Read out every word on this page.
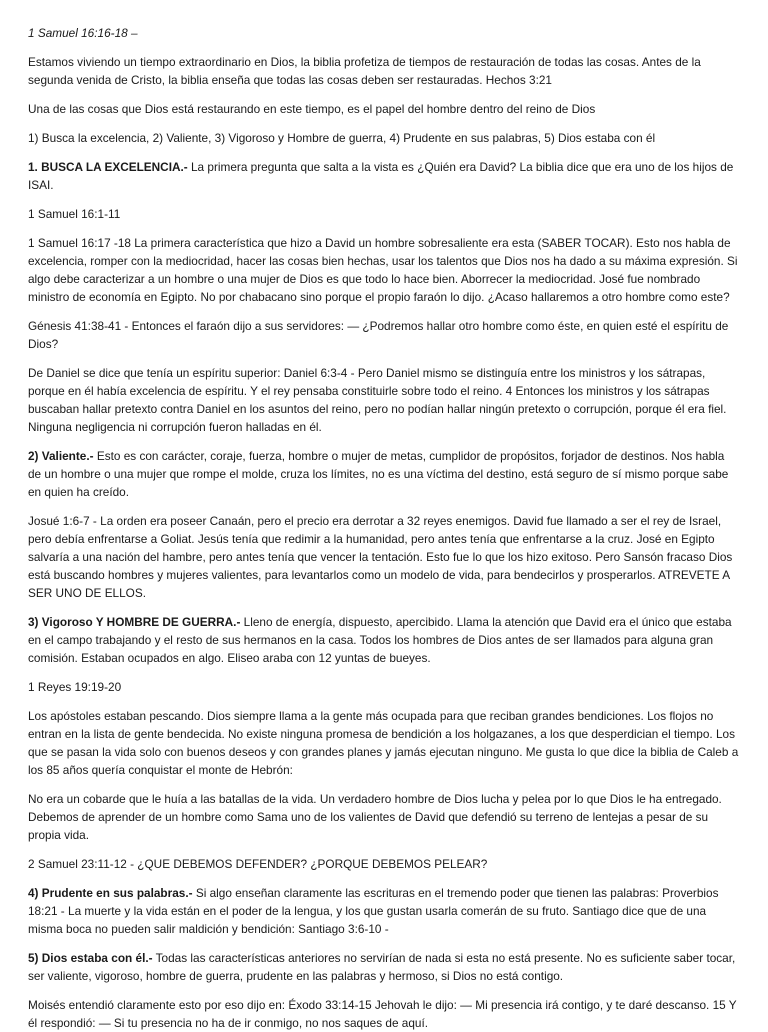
1 Samuel 16:16-18 –

Estamos viviendo un tiempo extraordinario en Dios, la biblia profetiza de tiempos de restauración de todas las cosas. Antes de la segunda venida de Cristo, la biblia enseña que todas las cosas deben ser restauradas. Hechos 3:21

Una de las cosas que Dios está restaurando en este tiempo, es el papel del hombre dentro del reino de Dios

1) Busca la excelencia, 2) Valiente, 3) Vigoroso y Hombre de guerra, 4) Prudente en sus palabras, 5) Dios estaba con él

1. BUSCA LA EXCELENCIA.- La primera pregunta que salta a la vista es ¿Quién era David? La biblia dice que era uno de los hijos de ISAI.

1 Samuel 16:1-11

1 Samuel 16:17 -18 La primera característica que hizo a David un hombre sobresaliente era esta (SABER TOCAR). Esto nos habla de excelencia, romper con la mediocridad, hacer las cosas bien hechas, usar los talentos que Dios nos ha dado a su máxima expresión. Si algo debe caracterizar a un hombre o una mujer de Dios es que todo lo hace bien. Aborrecer la mediocridad. José fue nombrado ministro de economía en Egipto. No por chabacano sino porque el propio faraón lo dijo. ¿Acaso hallaremos a otro hombre como este?

Génesis 41:38-41 - Entonces el faraón dijo a sus servidores: — ¿Podremos hallar otro hombre como éste, en quien esté el espíritu de Dios?

De Daniel se dice que tenía un espíritu superior: Daniel 6:3-4 - Pero Daniel mismo se distinguía entre los ministros y los sátrapas, porque en él había excelencia de espíritu. Y el rey pensaba constituirle sobre todo el reino. 4 Entonces los ministros y los sátrapas buscaban hallar pretexto contra Daniel en los asuntos del reino, pero no podían hallar ningún pretexto o corrupción, porque él era fiel. Ninguna negligencia ni corrupción fueron halladas en él.

2) Valiente.- Esto es con carácter, coraje, fuerza, hombre o mujer de metas, cumplidor de propósitos, forjador de destinos. Nos habla de un hombre o una mujer que rompe el molde, cruza los límites, no es una víctima del destino, está seguro de sí mismo porque sabe en quien ha creído.

Josué 1:6-7 - La orden era poseer Canaán, pero el precio era derrotar a 32 reyes enemigos. David fue llamado a ser el rey de Israel, pero debía enfrentarse a Goliat. Jesús tenía que redimir a la humanidad, pero antes tenía que enfrentarse a la cruz. José en Egipto salvaría a una nación del hambre, pero antes tenía que vencer la tentación. Esto fue lo que los hizo exitoso. Pero Sansón fracaso Dios está buscando hombres y mujeres valientes, para levantarlos como un modelo de vida, para bendecirlos y prosperarlos. ATREVETE A SER UNO DE ELLOS.

3) Vigoroso Y HOMBRE DE GUERRA.- Lleno de energía, dispuesto, apercibido. Llama la atención que David era el único que estaba en el campo trabajando y el resto de sus hermanos en la casa. Todos los hombres de Dios antes de ser llamados para alguna gran comisión. Estaban ocupados en algo. Eliseo araba con 12 yuntas de bueyes.

1 Reyes 19:19-20

Los apóstoles estaban pescando. Dios siempre llama a la gente más ocupada para que reciban grandes bendiciones. Los flojos no entran en la lista de gente bendecida. No existe ninguna promesa de bendición a los holgazanes, a los que desperdician el tiempo. Los que se pasan la vida solo con buenos deseos y con grandes planes y jamás ejecutan ninguno. Me gusta lo que dice la biblia de Caleb a los 85 años quería conquistar el monte de Hebrón:

No era un cobarde que le huía a las batallas de la vida. Un verdadero hombre de Dios lucha y pelea por lo que Dios le ha entregado. Debemos de aprender de un hombre como Sama uno de los valientes de David que defendió su terreno de lentejas a pesar de su propia vida.

2 Samuel 23:11-12 - ¿QUE DEBEMOS DEFENDER? ¿PORQUE DEBEMOS PELEAR?

4) Prudente en sus palabras.- Si algo enseñan claramente las escrituras en el tremendo poder que tienen las palabras: Proverbios 18:21 - La muerte y la vida están en el poder de la lengua, y los que gustan usarla comerán de su fruto. Santiago dice que de una misma boca no pueden salir maldición y bendición: Santiago 3:6-10 -

5) Dios estaba con él.- Todas las características anteriores no servirían de nada si esta no está presente. No es suficiente saber tocar, ser valiente, vigoroso, hombre de guerra, prudente en las palabras y hermoso, si Dios no está contigo.

Moisés entendió claramente esto por eso dijo en: Éxodo 33:14-15 Jehovah le dijo: — Mi presencia irá contigo, y te daré descanso. 15 Y él respondió: — Si tu presencia no ha de ir conmigo, no nos saques de aquí.
